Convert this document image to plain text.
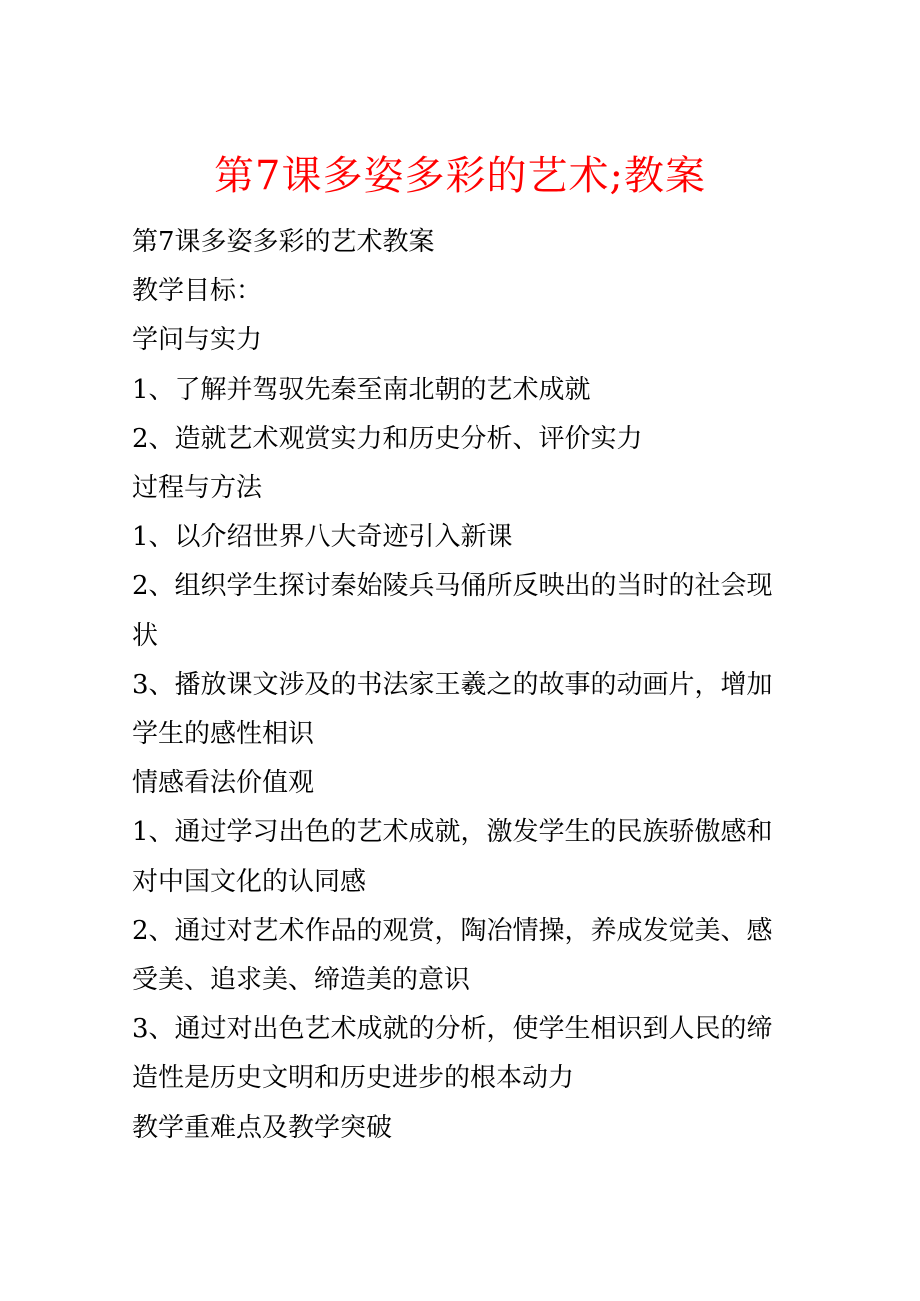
第7课多姿多彩的艺术;教案

第7课多姿多彩的艺术教案

教学目标：

学问与实力

1、了解并驾驭先秦至南北朝的艺术成就

2、造就艺术观赏实力和历史分析、评价实力

过程与方法

1、以介绍世界八大奇迹引入新课

2、组织学生探讨秦始陵兵马俑所反映出的当时的社会现

状

3、播放课文涉及的书法家王羲之的故事的动画片，增加

学生的感性相识

情感看法价值观

1、通过学习出色的艺术成就，激发学生的民族骄傲感和

对中国文化的认同感

2、通过对艺术作品的观赏，陶冶情操，养成发觉美、感

受美、追求美、缔造美的意识

3、通过对出色艺术成就的分析，使学生相识到人民的缔

造性是历史文明和历史进步的根本动力

教学重难点及教学突破
